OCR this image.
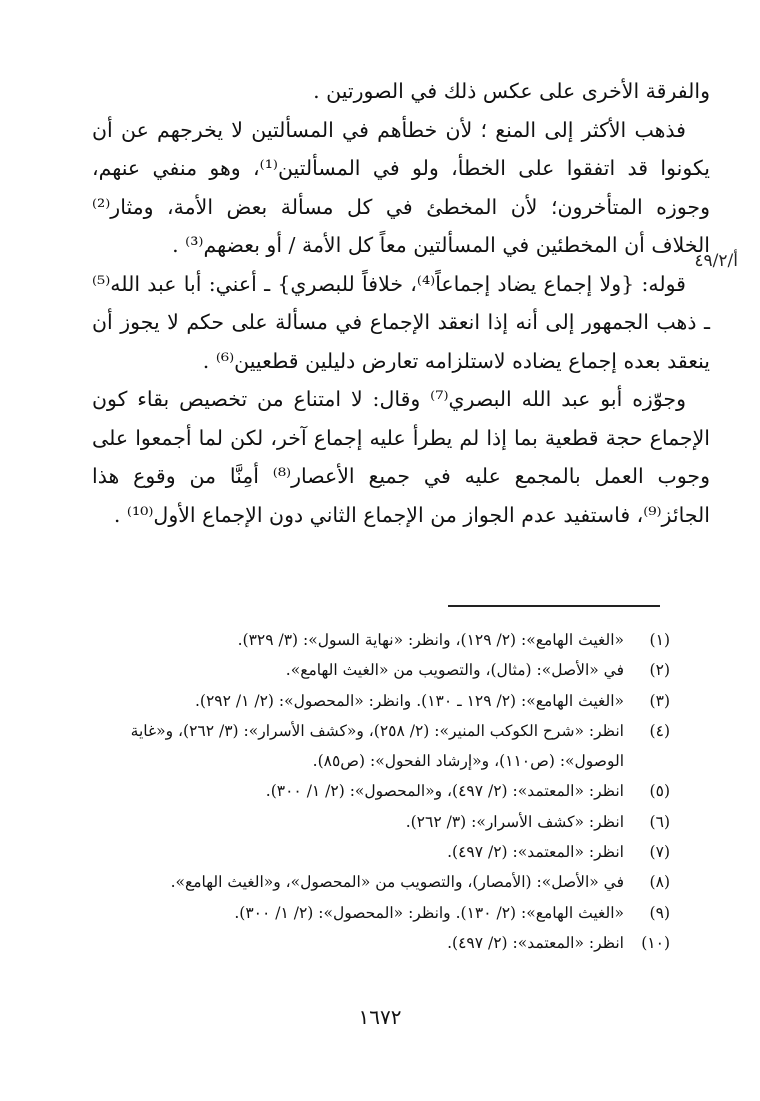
والفرقة الأخرى على عكس ذلك في الصورتين .

فذهب الأكثر إلى المنع ؛ لأن خطأهم في المسألتين لا يخرجهم عن أن يكونوا قد اتفقوا على الخطأ، ولو في المسألتين⁽¹⁾، وهو منفي عنهم، وجوزه المتأخرون؛ لأن المخطئ في كل مسألة بعض الأمة، ومثار⁽²⁾ الخلاف أن المخطئين في المسألتين معاً كل الأمة / أو بعضهم⁽³⁾ .

قوله: {ولا إجماع يضاد إجماعاً⁽⁴⁾، خلافاً للبصري} ـ أعني: أبا عبد الله⁽⁵⁾ ـ ذهب الجمهور إلى أنه إذا انعقد الإجماع في مسألة على حكم لا يجوز أن ينعقد بعده إجماع يضاده لاستلزامه تعارض دليلين قطعيين⁽⁶⁾ .

وجوّزه أبو عبد الله البصري⁽⁷⁾ وقال: لا امتناع من تخصيص بقاء كون الإجماع حجة قطعية بما إذا لم يطرأ عليه إجماع آخر، لكن لما أجمعوا على وجوب العمل بالمجمع عليه في جميع الأعصار⁽⁸⁾ أمِنَّا من وقوع هذا الجائز⁽⁹⁾، فاستفيد عدم الجواز من الإجماع الثاني دون الإجماع الأول⁽¹⁰⁾ .

أ/٤٩/٢
(١)
«الغيث الهامع»: (٢/ ١٢٩)، وانظر: «نهاية السول»: (٣/ ٣٢٩).
(٢)
في «الأصل»: (مثال)، والتصويب من «الغيث الهامع».
(٣)
«الغيث الهامع»: (٢/ ١٢٩ ـ ١٣٠). وانظر: «المحصول»: (٢/ ١/ ٢٩٢).
(٤)
انظر: «شرح الكوكب المنير»: (٢/ ٢٥٨)، و«كشف الأسرار»: (٣/ ٢٦٢)، و«غاية الوصول»: (ص١١٠)، و«إرشاد الفحول»: (ص٨٥).
(٥)
انظر: «المعتمد»: (٢/ ٤٩٧)، و«المحصول»: (٢/ ١/ ٣٠٠).
(٦)
انظر: «كشف الأسرار»: (٣/ ٢٦٢).
(٧)
انظر: «المعتمد»: (٢/ ٤٩٧).
(٨)
في «الأصل»: (الأمصار)، والتصويب من «المحصول»، و«الغيث الهامع».
(٩)
«الغيث الهامع»: (٢/ ١٣٠). وانظر: «المحصول»: (٢/ ١/ ٣٠٠).
(١٠)
انظر: «المعتمد»: (٢/ ٤٩٧).
١٦٧٢
